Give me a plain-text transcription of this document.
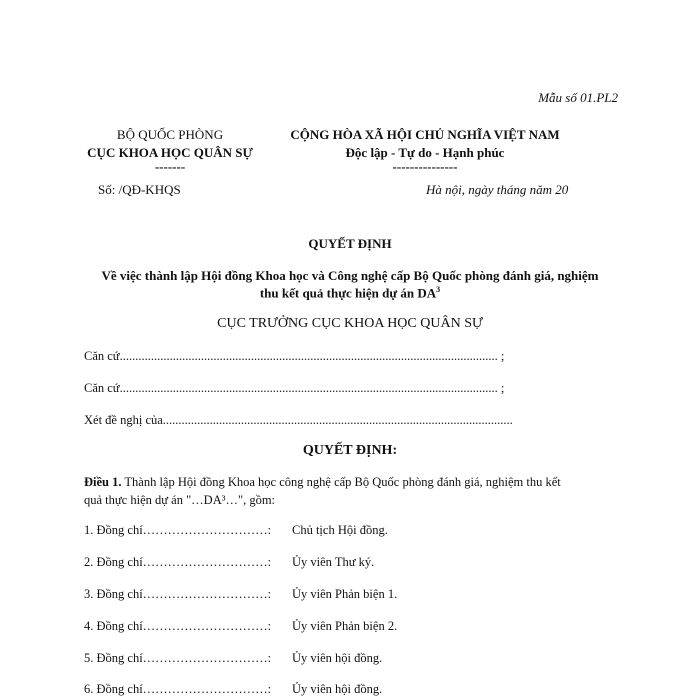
Mẫu số 01.PL2
BỘ QUỐC PHÒNG
CỤC KHOA HỌC QUÂN SỰ
-------
Số: /QĐ-KHQS
CỘNG HÒA XÃ HỘI CHỦ NGHĨA VIỆT NAM
Độc lập - Tự do - Hạnh phúc
---------------
Hà nội, ngày tháng năm 20
QUYẾT ĐỊNH
Về việc thành lập Hội đồng Khoa học và Công nghệ cấp Bộ Quốc phòng đánh giá, nghiệm
thu kết quả thực hiện dự án $DA^3$
CỤC TRƯỞNG CỤC KHOA HỌC QUÂN SỰ
Căn cứ......................................................................................................................... ;
Căn cứ......................................................................................................................... ;
Xét đề nghị của................................................................................................................
QUYẾT ĐỊNH:
Điều 1. Thành lập Hội đồng Khoa học công nghệ cấp Bộ Quốc phòng đánh giá, nghiệm thu kết
quả thực hiện dự án "…DA³…", gồm:
1. Đồng chí…………………………: Chủ tịch Hội đồng.
2. Đồng chí…………………………: Ủy viên Thư ký.
3. Đồng chí…………………………: Ủy viên Phản biện 1.
4. Đồng chí…………………………: Ủy viên Phản biện 2.
5. Đồng chí…………………………: Ủy viên hội đồng.
6. Đồng chí…………………………: Ủy viên hội đồng.
